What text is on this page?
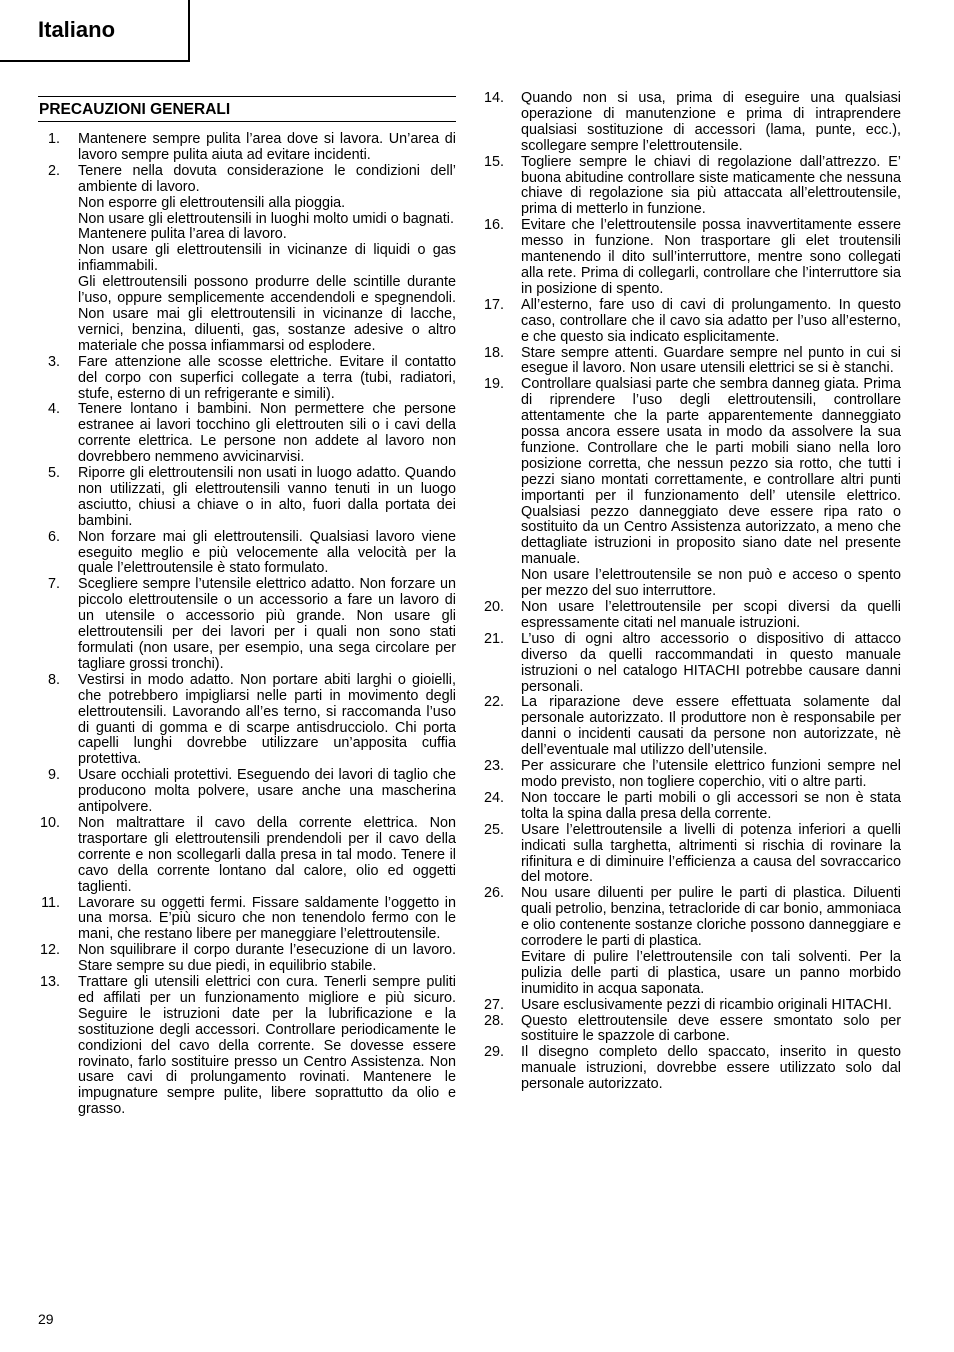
Italiano
PRECAUZIONI GENERALI
1. Mantenere sempre pulita l’area dove si lavora. Un’area di lavoro sempre pulita aiuta ad evitare incidenti.
2. Tenere nella dovuta considerazione le condizioni dell’ ambiente di lavoro.
Non esporre gli elettroutensili alla pioggia.
Non usare gli elettroutensili in luoghi molto umidi o bagnati.
Mantenere pulita l’area di lavoro.
Non usare gli elettroutensili in vicinanze di liquidi o gas infiammabili.
Gli elettroutensili possono produrre delle scintille durante l’uso, oppure semplicemente accendendoli e spegnendoli. Non usare mai gli elettroutensili in vicinanze di lacche, vernici, benzina, diluenti, gas, sostanze adesive o altro materiale che possa infiammarsi od esplodere.
3. Fare attenzione alle scosse elettriche. Evitare il contatto del corpo con superfici collegate a terra (tubi, radiatori, stufe, esterno di un refrigerante e simili).
4. Tenere lontano i bambini. Non permettere che persone estranee ai lavori tocchino gli elettrouten sili o i cavi della corrente elettrica. Le persone non addete al lavoro non dovrebbero nemmeno avvicinarvisi.
5. Riporre gli elettroutensili non usati in luogo adatto. Quando non utilizzati, gli elettroutensili vanno tenuti in un luogo asciutto, chiusi a chiave o in alto, fuori dalla portata dei bambini.
6. Non forzare mai gli elettroutensili. Qualsiasi lavoro viene eseguito meglio e più velocemente alla velocità per la quale l’elettroutensile è stato formulato.
7. Scegliere sempre l’utensile elettrico adatto. Non forzare un piccolo elettroutensile o un accessorio a fare un lavoro di un utensile o accessorio più grande. Non usare gli elettroutensili per dei lavori per i quali non sono stati formulati (non usare, per esempio, una sega circolare per tagliare grossi tronchi).
8. Vestirsi in modo adatto. Non portare abiti larghi o gioielli, che potrebbero impigliarsi nelle parti in movimento degli elettroutensili. Lavorando all’es terno, si raccomanda l’uso di guanti di gomma e di scarpe antisdrucciolo. Chi porta capelli lunghi dovrebbe utilizzare un’apposita cuffia protettiva.
9. Usare occhiali protettivi. Eseguendo dei lavori di taglio che producono molta polvere, usare anche una mascherina antipolvere.
10. Non maltrattare il cavo della corrente elettrica. Non trasportare gli elettroutensili prendendoli per il cavo della corrente e non scollegarli dalla presa in tal modo. Tenere il cavo della corrente lontano dal calore, olio ed oggetti taglienti.
11. Lavorare su oggetti fermi. Fissare saldamente l’oggetto in una morsa. E’più sicuro che non tenendolo fermo con le mani, che restano libere per maneggiare l’elettroutensile.
12. Non squilibrare il corpo durante l’esecuzione di un lavoro. Stare sempre su due piedi, in equilibrio stabile.
13. Trattare gli utensili elettrici con cura. Tenerli sempre puliti ed affilati per un funzionamento migliore e più sicuro. Seguire le istruzioni date per la lubrificazione e la sostituzione degli accessori. Controllare periodicamente le condizioni del cavo della corrente. Se dovesse essere rovinato, farlo sostituire presso un Centro Assistenza. Non usare cavi di prolungamento rovinati. Mantenere le impugnature sempre pulite, libere soprattutto da olio e grasso.
14. Quando non si usa, prima di eseguire una qualsiasi operazione di manutenzione e prima di intraprendere qualsiasi sostituzione di accessori (lama, punte, ecc.), scollegare sempre l’elettroutensile.
15. Togliere sempre le chiavi di regolazione dall’attrezzo. E’ buona abitudine controllare siste maticamente che nessuna chiave di regolazione sia più attaccata all’elettroutensile, prima di metterlo in funzione.
16. Evitare che l’elettroutensile possa inavvertitamente essere messo in funzione. Non trasportare gli elet troutensili mantenendo il dito sull’interruttore, mentre sono collegati alla rete. Prima di collegarli, controllare che l’interruttore sia in posizione di spento.
17. All’esterno, fare uso di cavi di prolungamento. In questo caso, controllare che il cavo sia adatto per l’uso all’esterno, e che questo sia indicato esplicitamente.
18. Stare sempre attenti. Guardare sempre nel punto in cui si esegue il lavoro. Non usare utensili elettrici se si è stanchi.
19. Controllare qualsiasi parte che sembra danneg giata. Prima di riprendere l’uso degli elettroutensili, controllare attentamente che la parte apparentemente danneggiato possa ancora essere usata in modo da assolvere la sua funzione. Controllare che le parti mobili siano nella loro posizione corretta, che nessun pezzo sia rotto, che tutti i pezzi siano montati correttamente, e controllare altri punti importanti per il funzionamento dell’ utensile elettrico. Qualsiasi pezzo danneggiato deve essere ripa rato o sostituito da un Centro Assistenza autorizzato, a meno che dettagliate istruzioni in proposito siano date nel presente manuale.
Non usare l’elettroutensile se non può e acceso o spento per mezzo del suo interruttore.
20. Non usare l’elettroutensile per scopi diversi da quelli espressamente citati nel manuale istruzioni.
21. L’uso di ogni altro accessorio o dispositivo di attacco diverso da quelli raccommandati in questo manuale istruzioni o nel catalogo HITACHI potrebbe causare danni personali.
22. La riparazione deve essere effettuata solamente dal personale autorizzato. Il produttore non è responsabile per danni o incidenti causati da persone non autorizzate, nè dell’eventuale mal utilizzo dell’utensile.
23. Per assicurare che l’utensile elettrico funzioni sempre nel modo previsto, non togliere coperchio, viti o altre parti.
24. Non toccare le parti mobili o gli accessori se non è stata tolta la spina dalla presa della corrente.
25. Usare l’elettroutensile a livelli di potenza inferiori a quelli indicati sulla targhetta, altrimenti si rischia di rovinare la rifinitura e di diminuire l’efficienza a causa del sovraccarico del motore.
26. Nou usare diluenti per pulire le parti di plastica. Diluenti quali petrolio, benzina, tetracloride di car bonio, ammoniaca e olio contenente sostanze cloriche possono danneggiare e corrodere le parti di plastica.
Evitare di pulire l’elettroutensile con tali solventi. Per la pulizia delle parti di plastica, usare un panno morbido inumidito in acqua saponata.
27. Usare esclusivamente pezzi di ricambio originali HITACHI.
28. Questo elettroutensile deve essere smontato solo per sostituire le spazzole di carbone.
29. Il disegno completo dello spaccato, inserito in questo manuale istruzioni, dovrebbe essere utilizzato solo dal personale autorizzato.
29
